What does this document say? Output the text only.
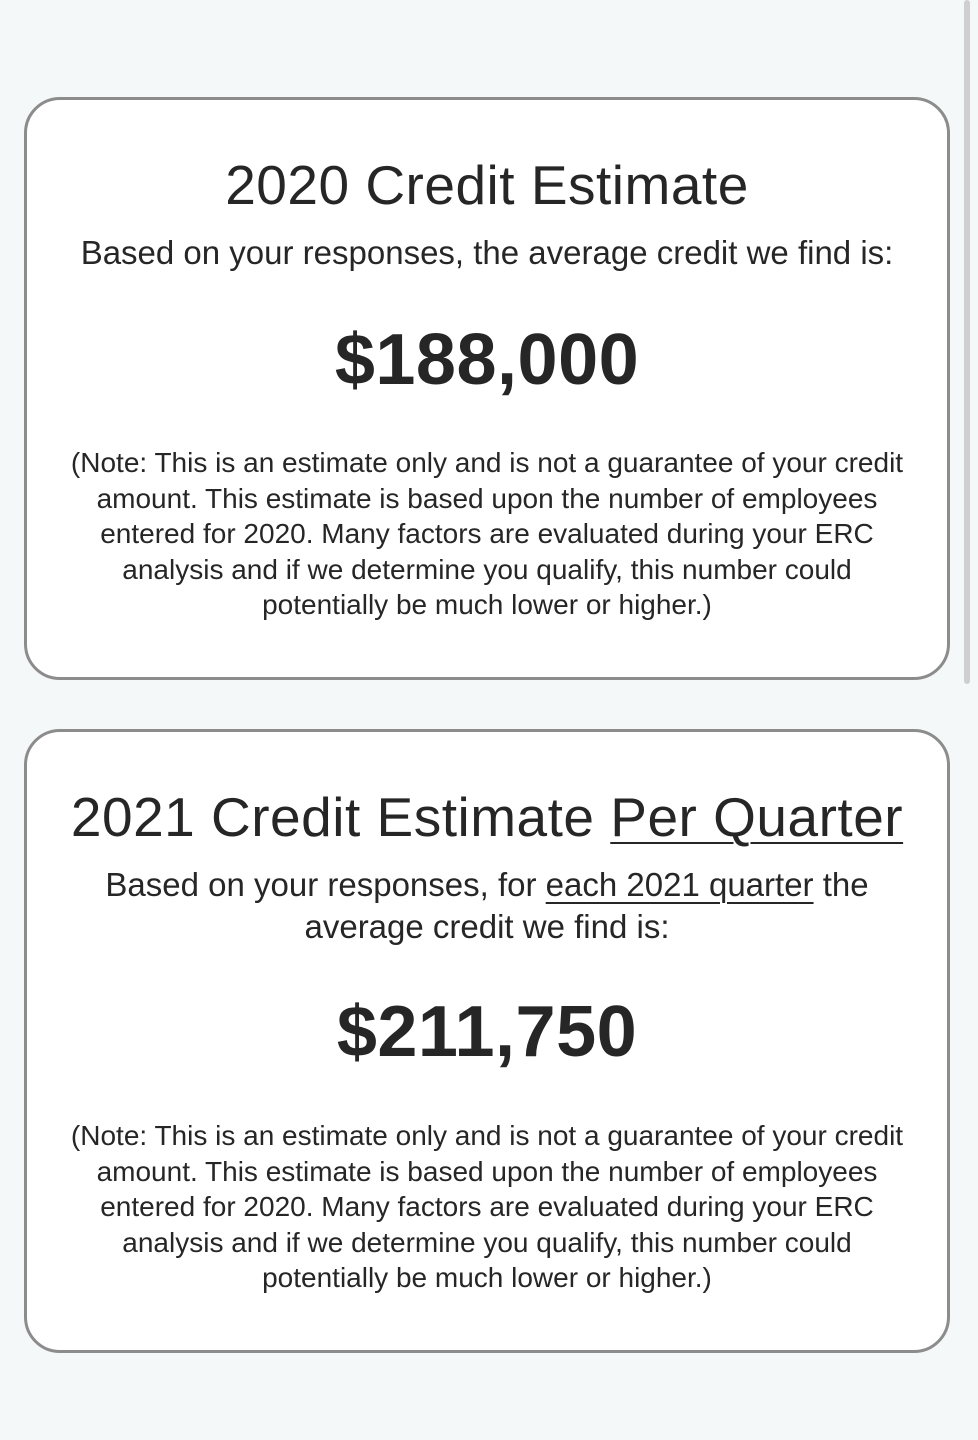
2020 Credit Estimate

Based on your responses, the average credit we find is:

$188,000

(Note: This is an estimate only and is not a guarantee of your credit amount. This estimate is based upon the number of employees entered for 2020. Many factors are evaluated during your ERC analysis and if we determine you qualify, this number could potentially be much lower or higher.)

2021 Credit Estimate Per Quarter

Based on your responses, for each 2021 quarter the average credit we find is:

$211,750

(Note: This is an estimate only and is not a guarantee of your credit amount. This estimate is based upon the number of employees entered for 2020. Many factors are evaluated during your ERC analysis and if we determine you qualify, this number could potentially be much lower or higher.)
